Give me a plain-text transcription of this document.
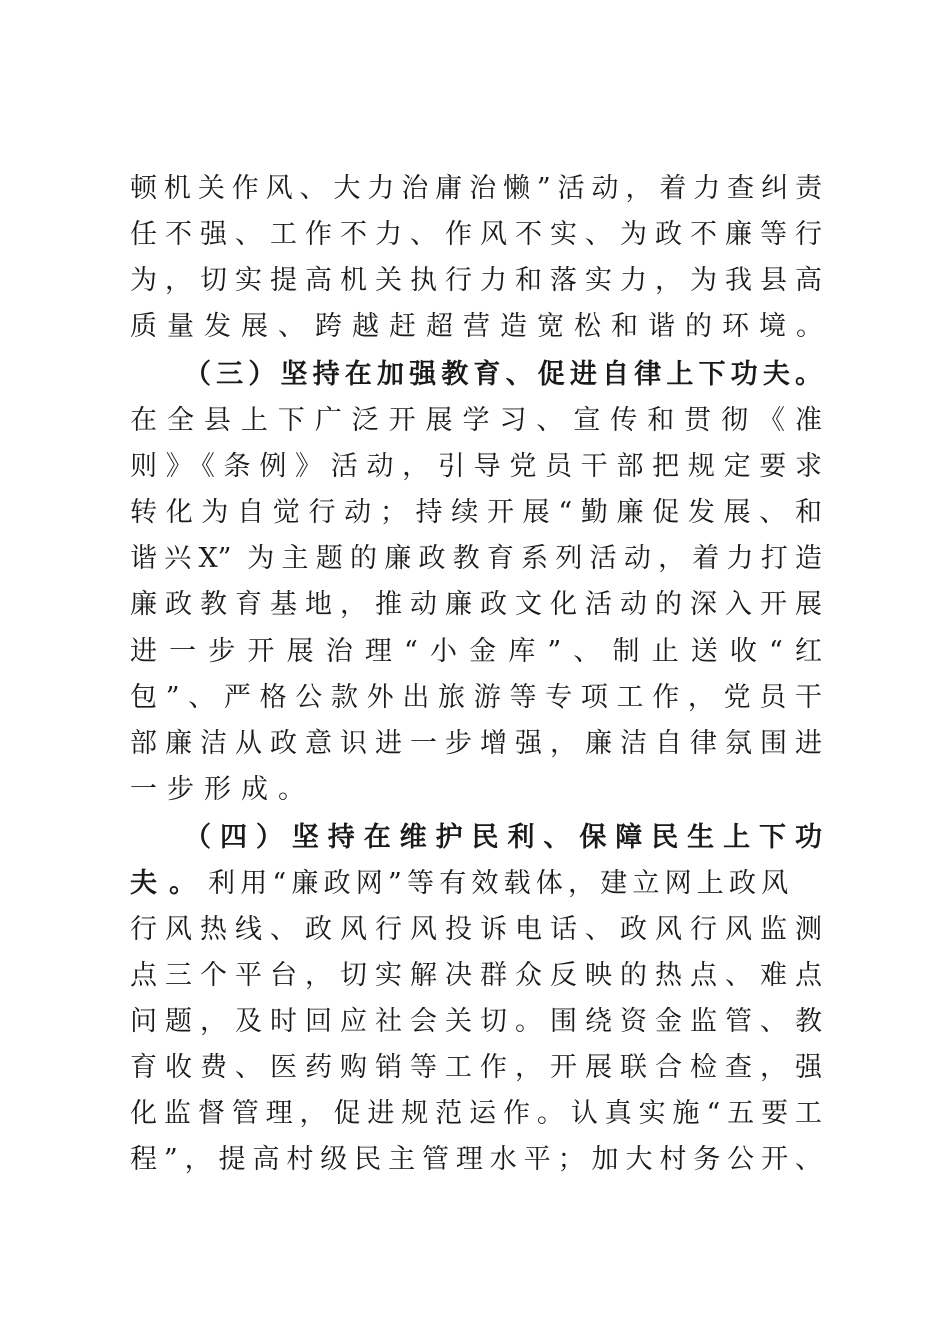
顿机关作风、大力治庸治懒”活动，着力查纠责
任不强、工作不力、作风不实、为政不廉等行
为，切实提高机关执行力和落实力，为我县高
质量发展、跨越赶超营造宽松和谐的环境。
（三）坚持在加强教育、促进自律上下功夫。
在全县上下广泛开展学习、宣传和贯彻《准
则》《条例》活动，引导党员干部把规定要求
转化为自觉行动；持续开展“勤廉促发展、和
谐兴X” 为主题的廉政教育系列活动，着力打造
廉政教育基地，推动廉政文化活动的深入开展
进一步开展治理“小金库”、制止送收“红
包”、严格公款外出旅游等专项工作，党员干
部廉洁从政意识进一步增强，廉洁自律氛围进
一步形成。
（四）坚持在维护民利、保障民生上下功
夫。利用“廉政网”等有效载体，建立网上政风
行风热线、政风行风投诉电话、政风行风监测
点三个平台，切实解决群众反映的热点、难点
问题，及时回应社会关切。围绕资金监管、教
育收费、医药购销等工作，开展联合检查，强
化监督管理，促进规范运作。认真实施“五要工
程”，提高村级民主管理水平；加大村务公开、
